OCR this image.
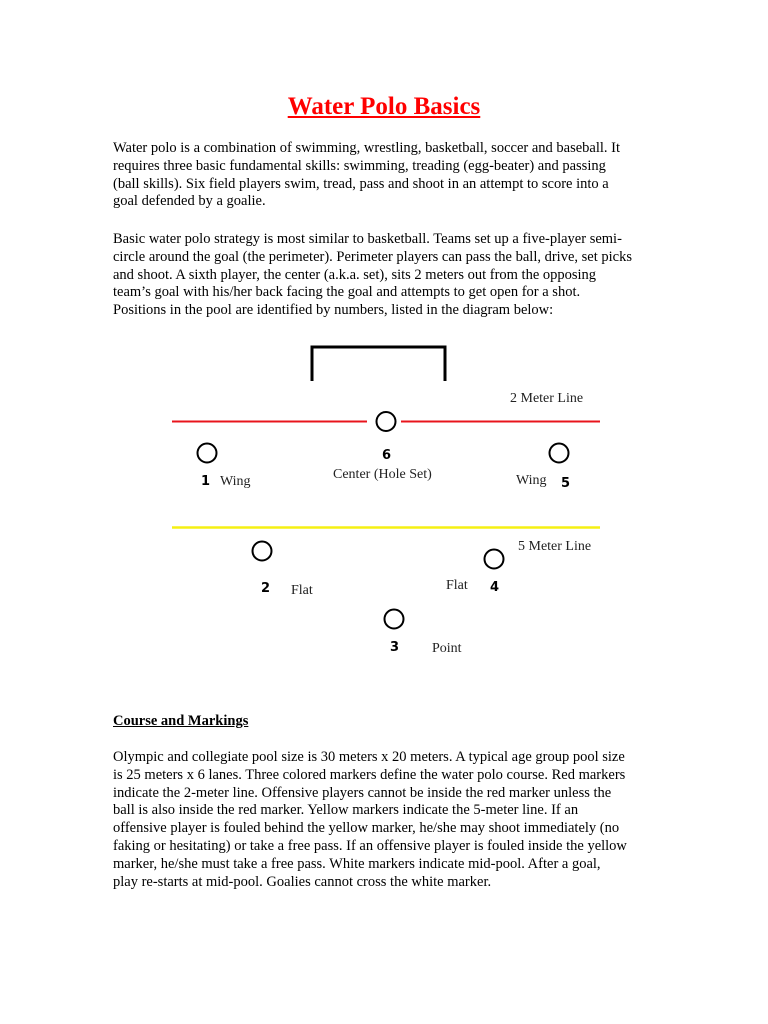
Water Polo Basics

Water polo is a combination of swimming, wrestling, basketball, soccer and baseball. It
requires three basic fundamental skills: swimming, treading (egg-beater) and passing
(ball skills). Six field players swim, tread, pass and shoot in an attempt to score into a
goal defended by a goalie.

Basic water polo strategy is most similar to basketball. Teams set up a five-player semi-
circle around the goal (the perimeter). Perimeter players can pass the ball, drive, set picks
and shoot. A sixth player, the center (a.k.a. set), sits 2 meters out from the opposing
team’s goal with his/her back facing the goal and attempts to get open for a shot.
Positions in the pool are identified by numbers, listed in the diagram below:

2 Meter Line
5 Meter Line
6
Center (Hole Set)
1 Wing	Wing 5
2 Flat	Flat 4
3 Point
Course and Markings

Olympic and collegiate pool size is 30 meters x 20 meters. A typical age group pool size
is 25 meters x 6 lanes. Three colored markers define the water polo course. Red markers
indicate the 2-meter line. Offensive players cannot be inside the red marker unless the
ball is also inside the red marker. Yellow markers indicate the 5-meter line. If an
offensive player is fouled behind the yellow marker, he/she may shoot immediately (no
faking or hesitating) or take a free pass. If an offensive player is fouled inside the yellow
marker, he/she must take a free pass. White markers indicate mid-pool. After a goal,
play re-starts at mid-pool. Goalies cannot cross the white marker.
